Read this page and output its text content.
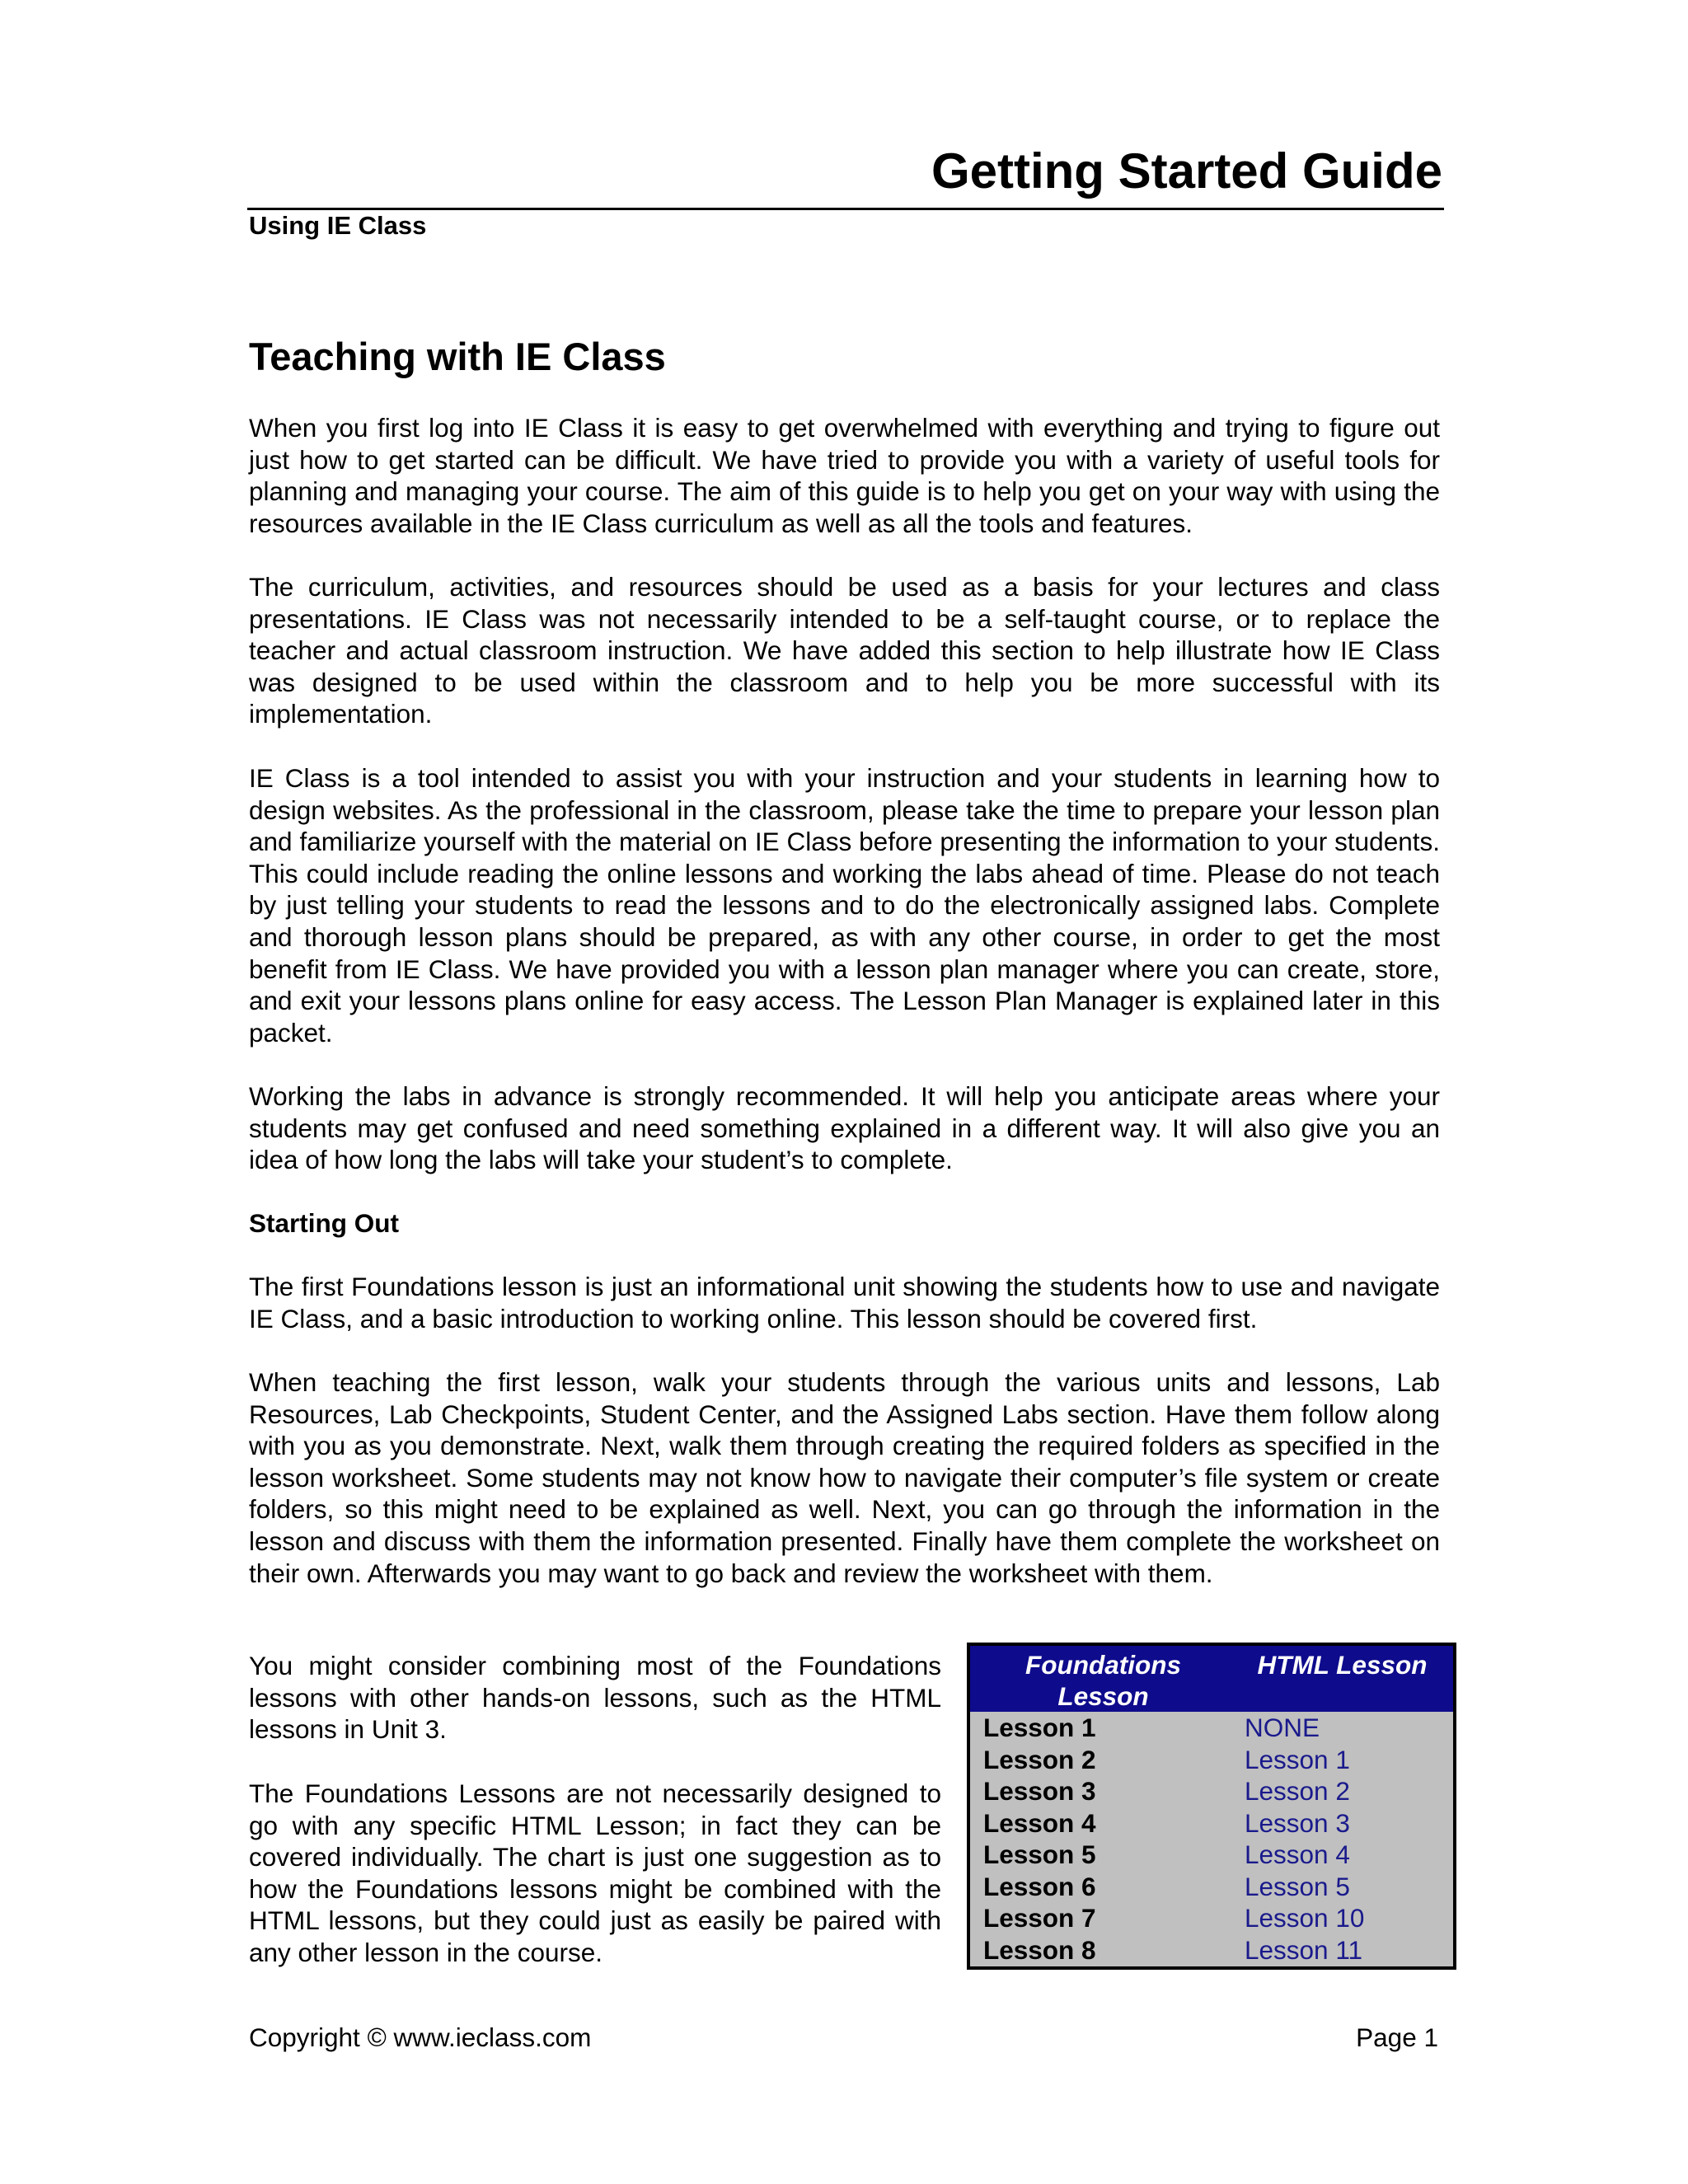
Getting Started Guide
Using IE Class
Teaching with IE Class

When you first log into IE Class it is easy to get overwhelmed with everything and trying to figure out just how to get started can be difficult. We have tried to provide you with a variety of useful tools for planning and managing your course. The aim of this guide is to help you get on your way with using the resources available in the IE Class curriculum as well as all the tools and features.

The curriculum, activities, and resources should be used as a basis for your lectures and class presentations. IE Class was not necessarily intended to be a self-taught course, or to replace the teacher and actual classroom instruction. We have added this section to help illustrate how IE Class was designed to be used within the classroom and to help you be more successful with its implementation.

IE Class is a tool intended to assist you with your instruction and your students in learning how to design websites. As the professional in the classroom, please take the time to prepare your lesson plan and familiarize yourself with the material on IE Class before presenting the information to your students. This could include reading the online lessons and working the labs ahead of time. Please do not teach by just telling your students to read the lessons and to do the electronically assigned labs. Complete and thorough lesson plans should be prepared, as with any other course, in order to get the most benefit from IE Class. We have provided you with a lesson plan manager where you can create, store, and exit your lessons plans online for easy access. The Lesson Plan Manager is explained later in this packet.

Working the labs in advance is strongly recommended. It will help you anticipate areas where your students may get confused and need something explained in a different way. It will also give you an idea of how long the labs will take your student’s to complete.

Starting Out

The first Foundations lesson is just an informational unit showing the students how to use and navigate IE Class, and a basic introduction to working online. This lesson should be covered first.

When teaching the first lesson, walk your students through the various units and lessons, Lab Resources, Lab Checkpoints, Student Center, and the Assigned Labs section. Have them follow along with you as you demonstrate. Next, walk them through creating the required folders as specified in the lesson worksheet. Some students may not know how to navigate their computer’s file system or create folders, so this might need to be explained as well. Next, you can go through the information in the lesson and discuss with them the information presented. Finally have them complete the worksheet on their own. Afterwards you may want to go back and review the worksheet with them.

You might consider combining most of the Foundations lessons with other hands-on lessons, such as the HTML lessons in Unit 3.

The Foundations Lessons are not necessarily designed to go with any specific HTML Lesson; in fact they can be covered individually. The chart is just one suggestion as to how the Foundations lessons might be combined with the HTML lessons, but they could just as easily be paired with any other lesson in the course.

Foundations Lesson	HTML Lesson
Lesson 1	NONE
Lesson 2	Lesson 1
Lesson 3	Lesson 2
Lesson 4	Lesson 3
Lesson 5	Lesson 4
Lesson 6	Lesson 5
Lesson 7	Lesson 10
Lesson 8	Lesson 11
Copyright © www.ieclass.com	Page 1
